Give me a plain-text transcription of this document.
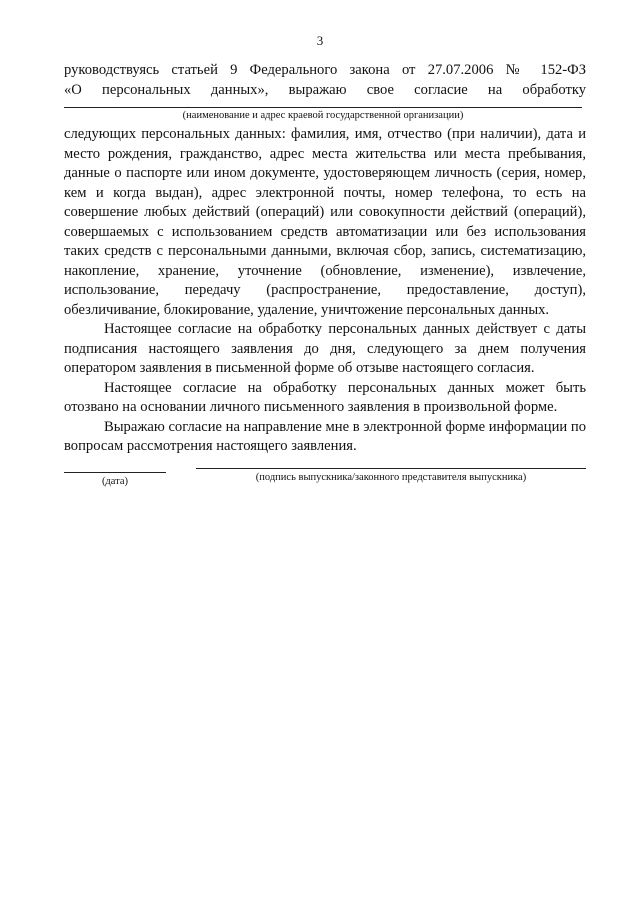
3
руководствуясь статьей 9 Федерального закона от 27.07.2006 № 152-ФЗ
«О персональных данных», выражаю свое согласие на обработку
(наименование и адрес краевой государственной организации)

следующих персональных данных: фамилия, имя, отчество (при наличии), дата и место рождения, гражданство, адрес места жительства или места пребывания, данные о паспорте или ином документе, удостоверяющем личность (серия, номер, кем и когда выдан), адрес электронной почты, номер телефона, то есть на совершение любых действий (операций) или совокупности действий (операций), совершаемых с использованием средств автоматизации или без использования таких средств с персональными данными, включая сбор, запись, систематизацию, накопление, хранение, уточнение (обновление, изменение), извлечение, использование, передачу (распространение, предоставление, доступ), обезличивание, блокирование, удаление, уничтожение персональных данных.

Настоящее согласие на обработку персональных данных действует с даты подписания настоящего заявления до дня, следующего за днем получения оператором заявления в письменной форме об отзыве настоящего согласия.

Настоящее согласие на обработку персональных данных может быть отозвано на основании личного письменного заявления в произвольной форме.

Выражаю согласие на направление мне в электронной форме информации по вопросам рассмотрения настоящего заявления.

(дата)	(подпись выпускника/законного представителя выпускника)
